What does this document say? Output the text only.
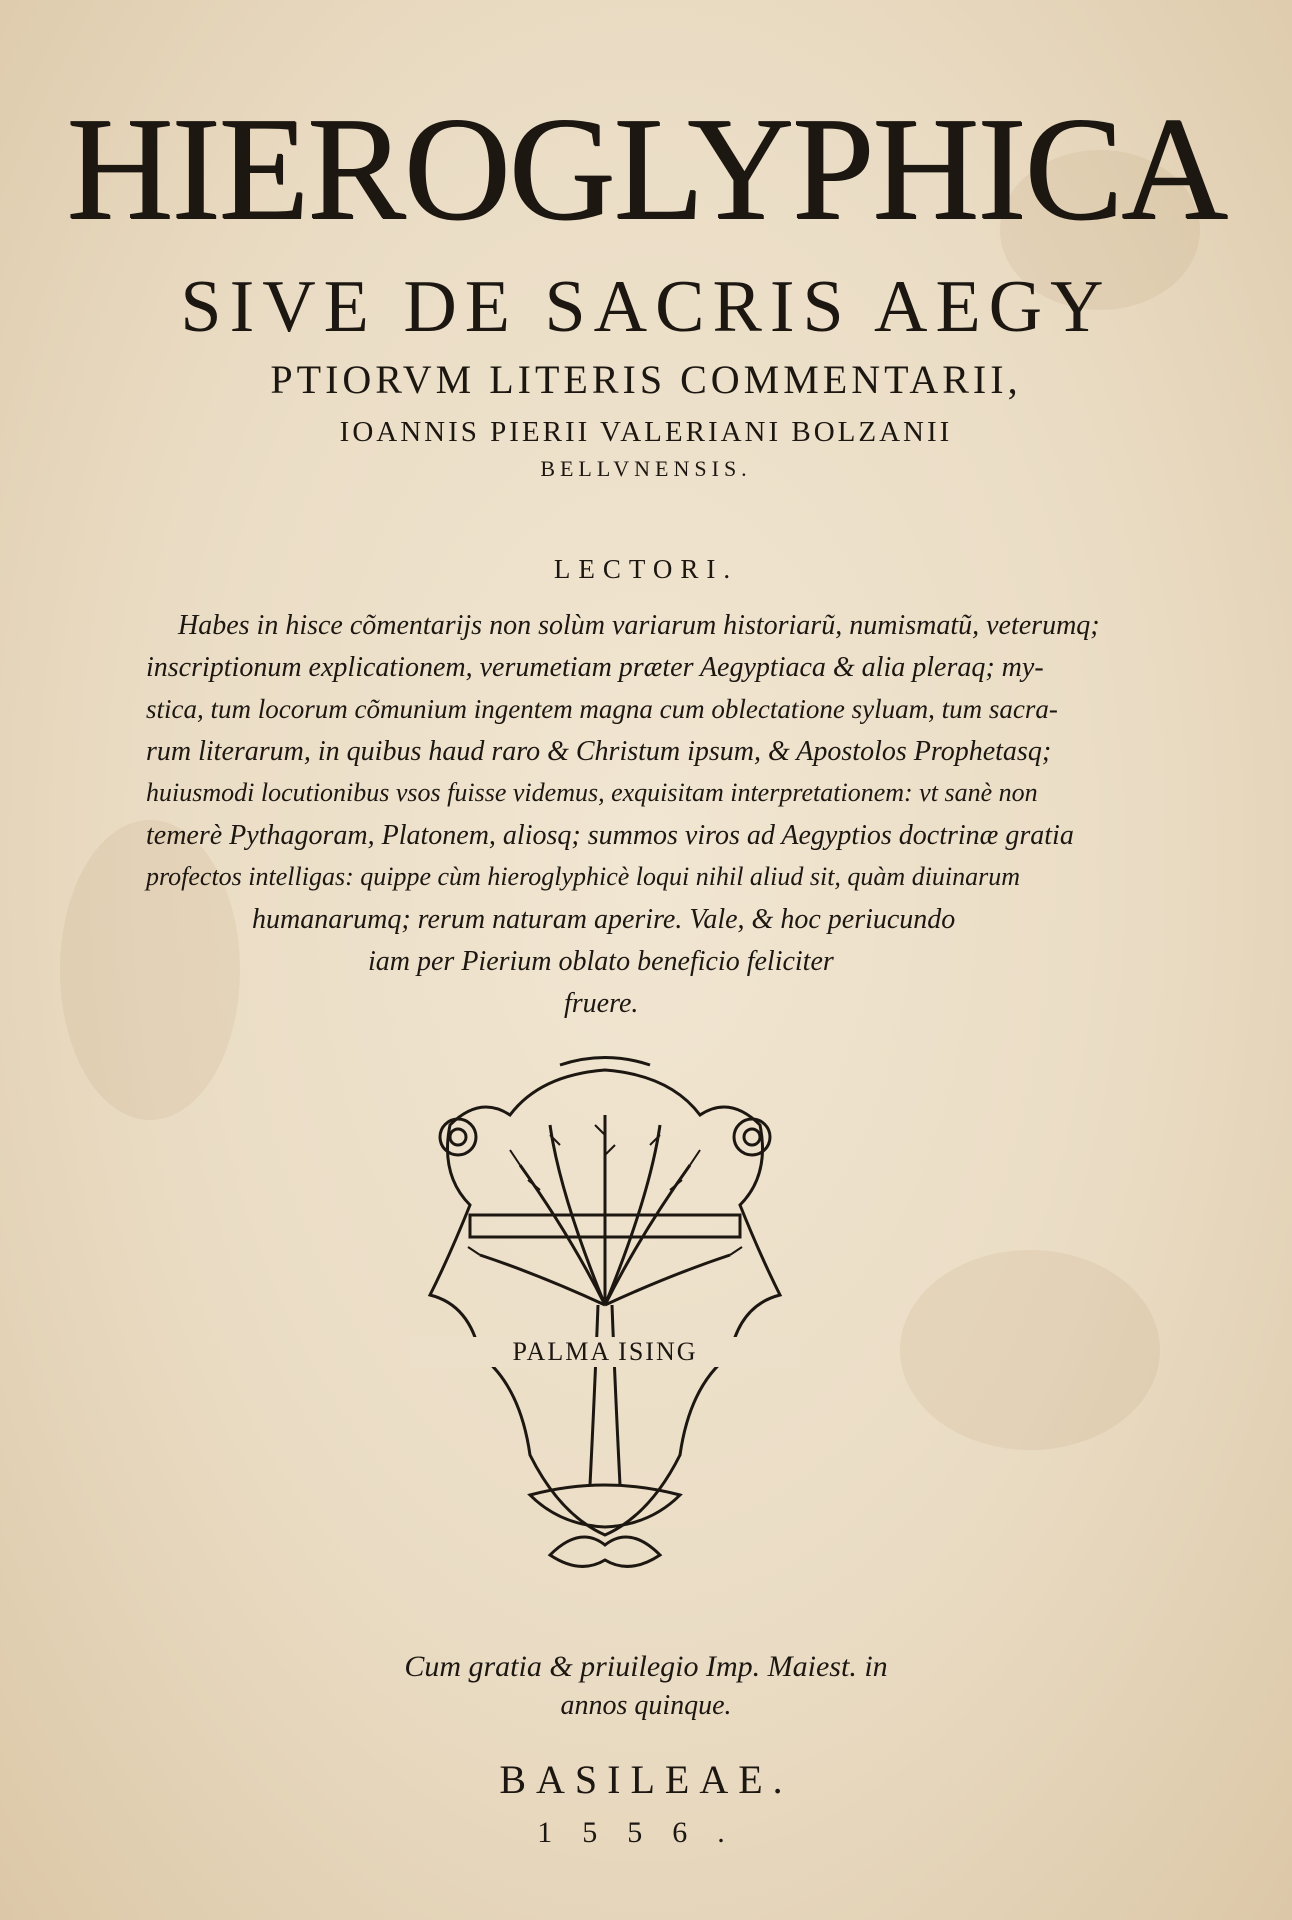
HIEROGLYPHICA
SIVE DE SACRIS AEGY
PTIORVM LITERIS COMMENTARII,
IOANNIS PIERII VALERIANI BOLZANII
BELLVNENSIS.
LECTORI.
Habes in hisce cõmentarijs non solùm variarum historiarũ, numismatũ, veterumq;
inscriptionum explicationem, verumetiam præter Aegyptiaca & alia pleraq; my-
stica, tum locorum cõmunium ingentem magna cum oblectatione syluam, tum sacra-
rum literarum, in quibus haud raro & Christum ipsum, & Apostolos Prophetasq;
huiusmodi locutionibus vsos fuisse videmus, exquisitam interpretationem: vt sanè non
temerè Pythagoram, Platonem, aliosq; summos viros ad Aegyptios doctrinæ gratia
profectos intelligas: quippe cùm hieroglyphicè loqui nihil aliud sit, quàm diuinarum
humanarumq; rerum naturam aperire. Vale, & hoc periucundo
iam per Pierium oblato beneficio feliciter
fruere.
PALMA ISING
Cum gratia & priuilegio Imp. Maiest. in
annos quinque.
BASILEAE.
1556.
